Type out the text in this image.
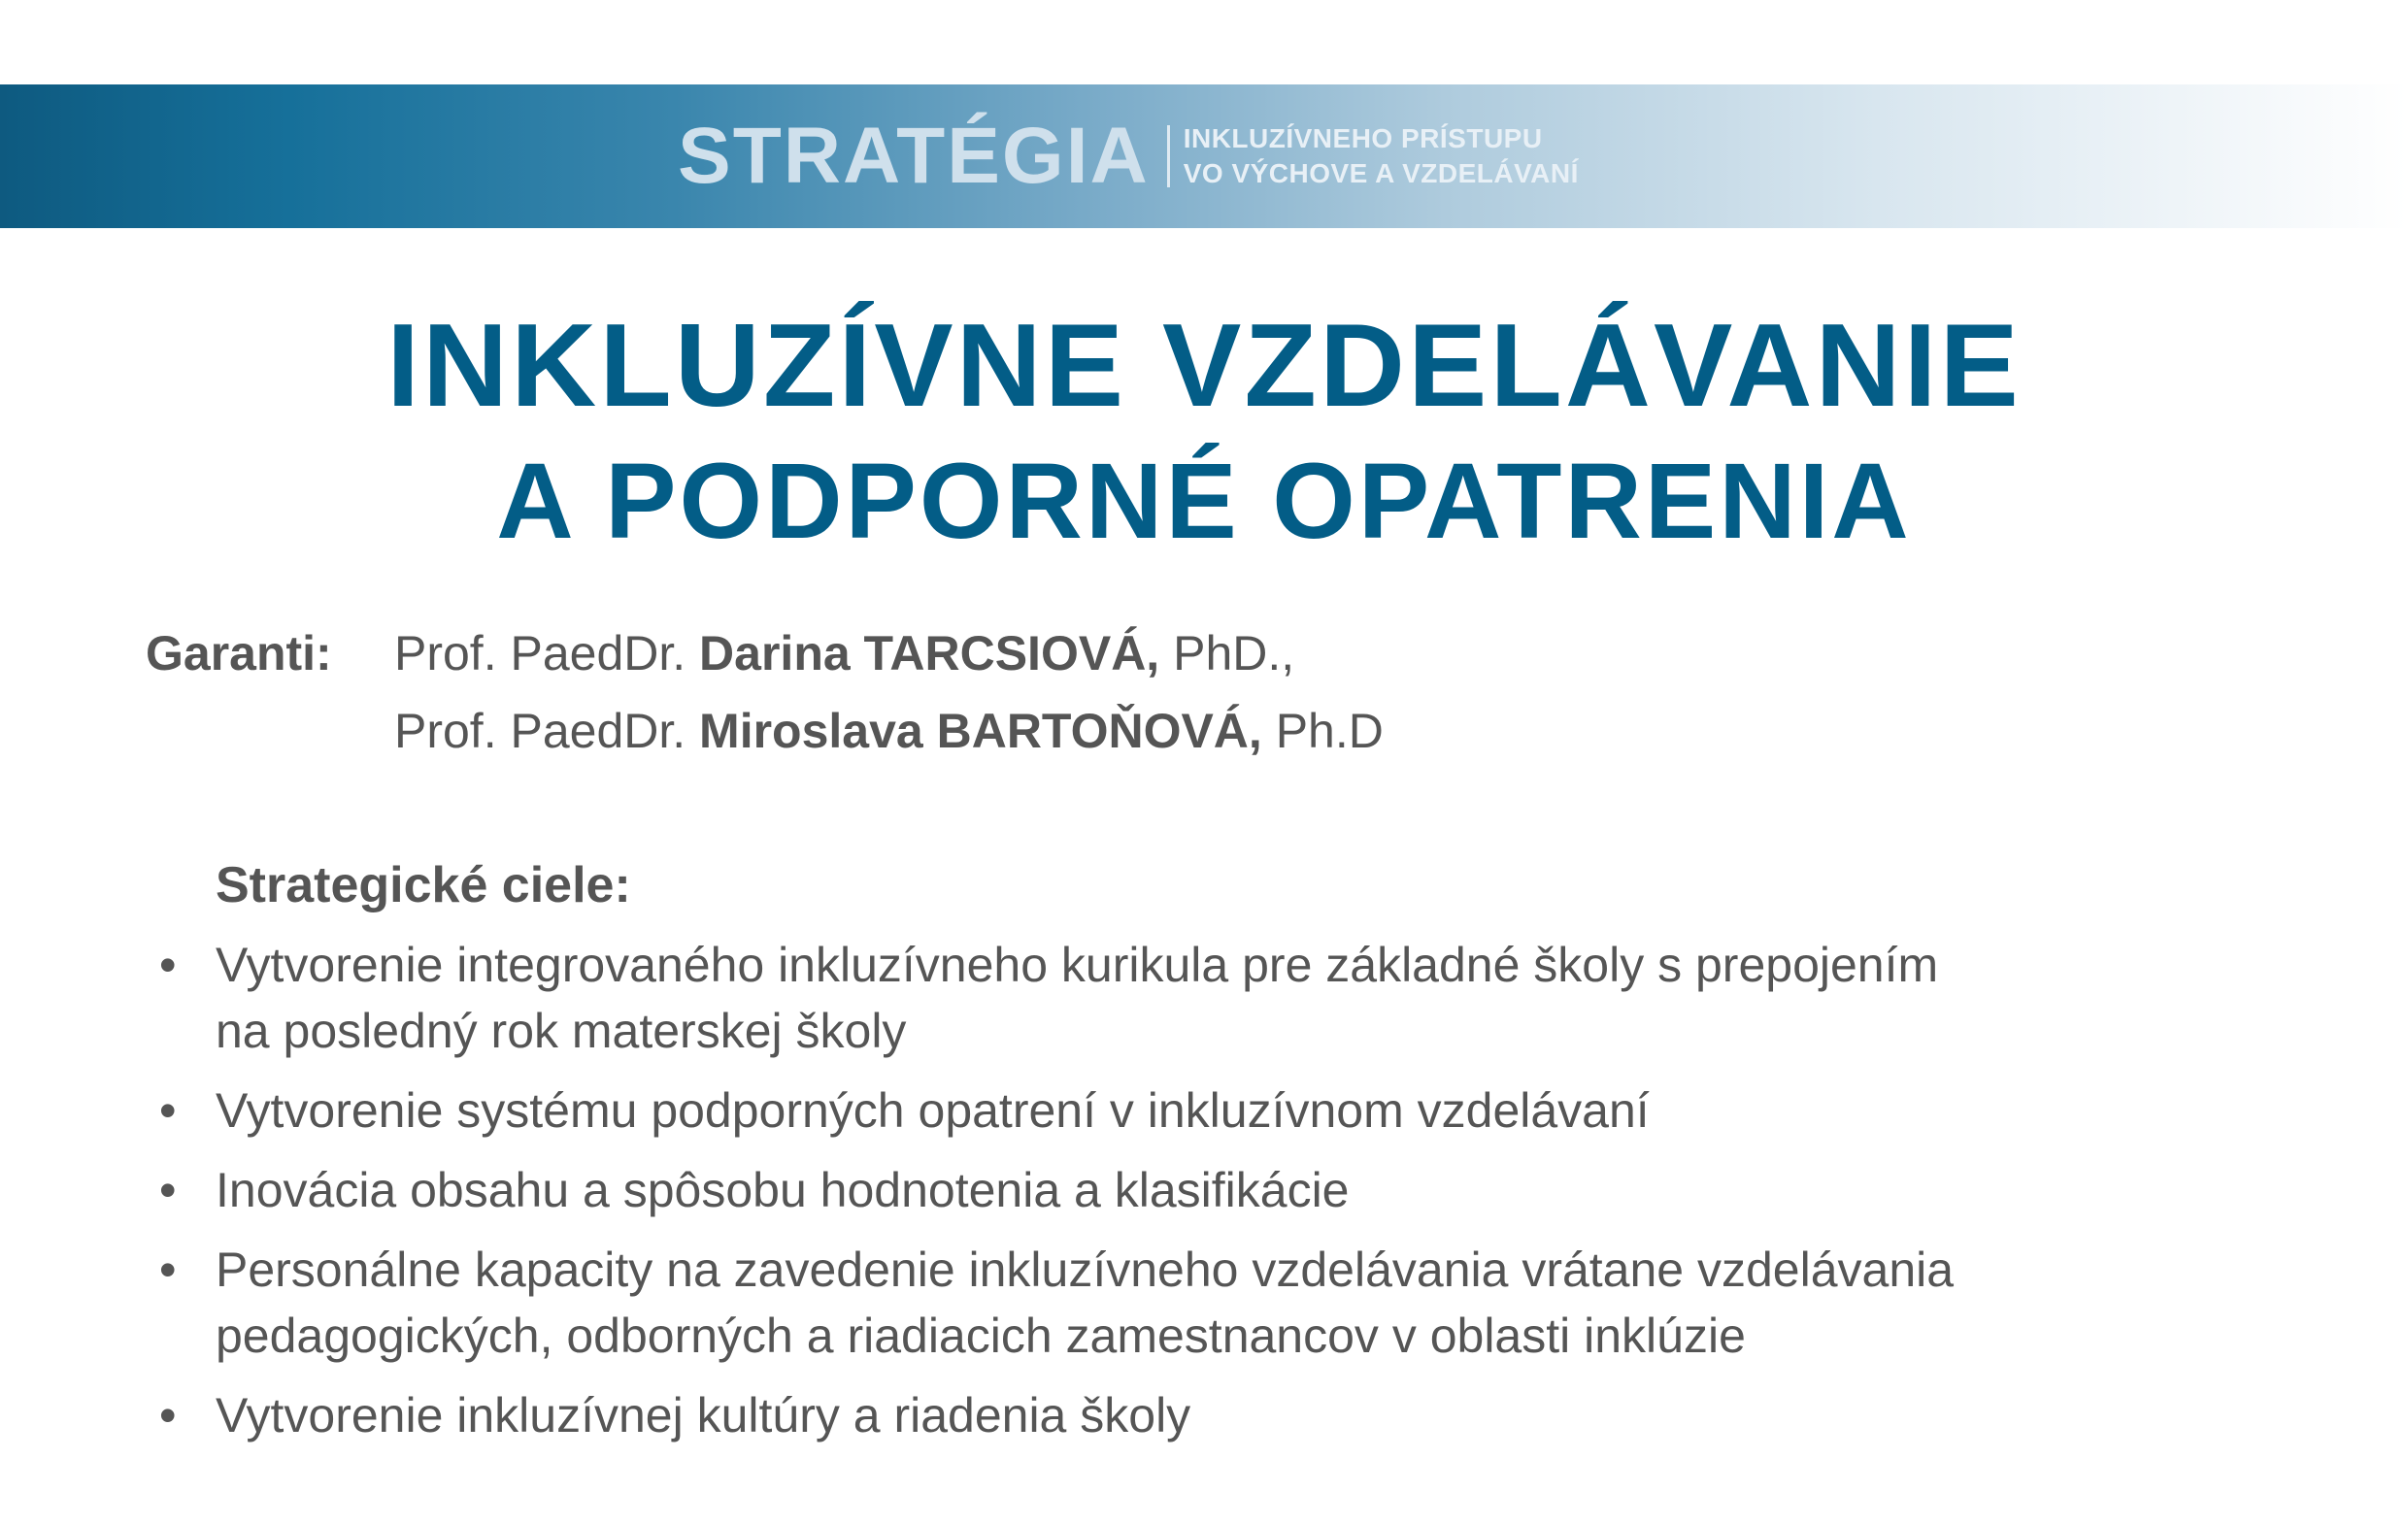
STRATÉGIA INKLUZÍVNEHO PRÍSTUPU
VO VÝCHOVE A VZDELÁVANÍ
INKLUZÍVNE VZDELÁVANIE
A PODPORNÉ OPATRENIA
Garanti: Prof. PaedDr. Darina TARCSIOVÁ, PhD.,
Prof. PaedDr. Miroslava BARTOŇOVÁ, Ph.D
Strategické ciele:
• Vytvorenie integrovaného inkluzívneho kurikula pre základné školy s prepojením
na posledný rok materskej školy
• Vytvorenie systému podporných opatrení v inkluzívnom vzdelávaní
• Inovácia obsahu a spôsobu hodnotenia a klasifikácie
• Personálne kapacity na zavedenie inkluzívneho vzdelávania vrátane vzdelávania
pedagogických, odborných a riadiacich zamestnancov v oblasti inklúzie
• Vytvorenie inkluzívnej kultúry a riadenia školy
